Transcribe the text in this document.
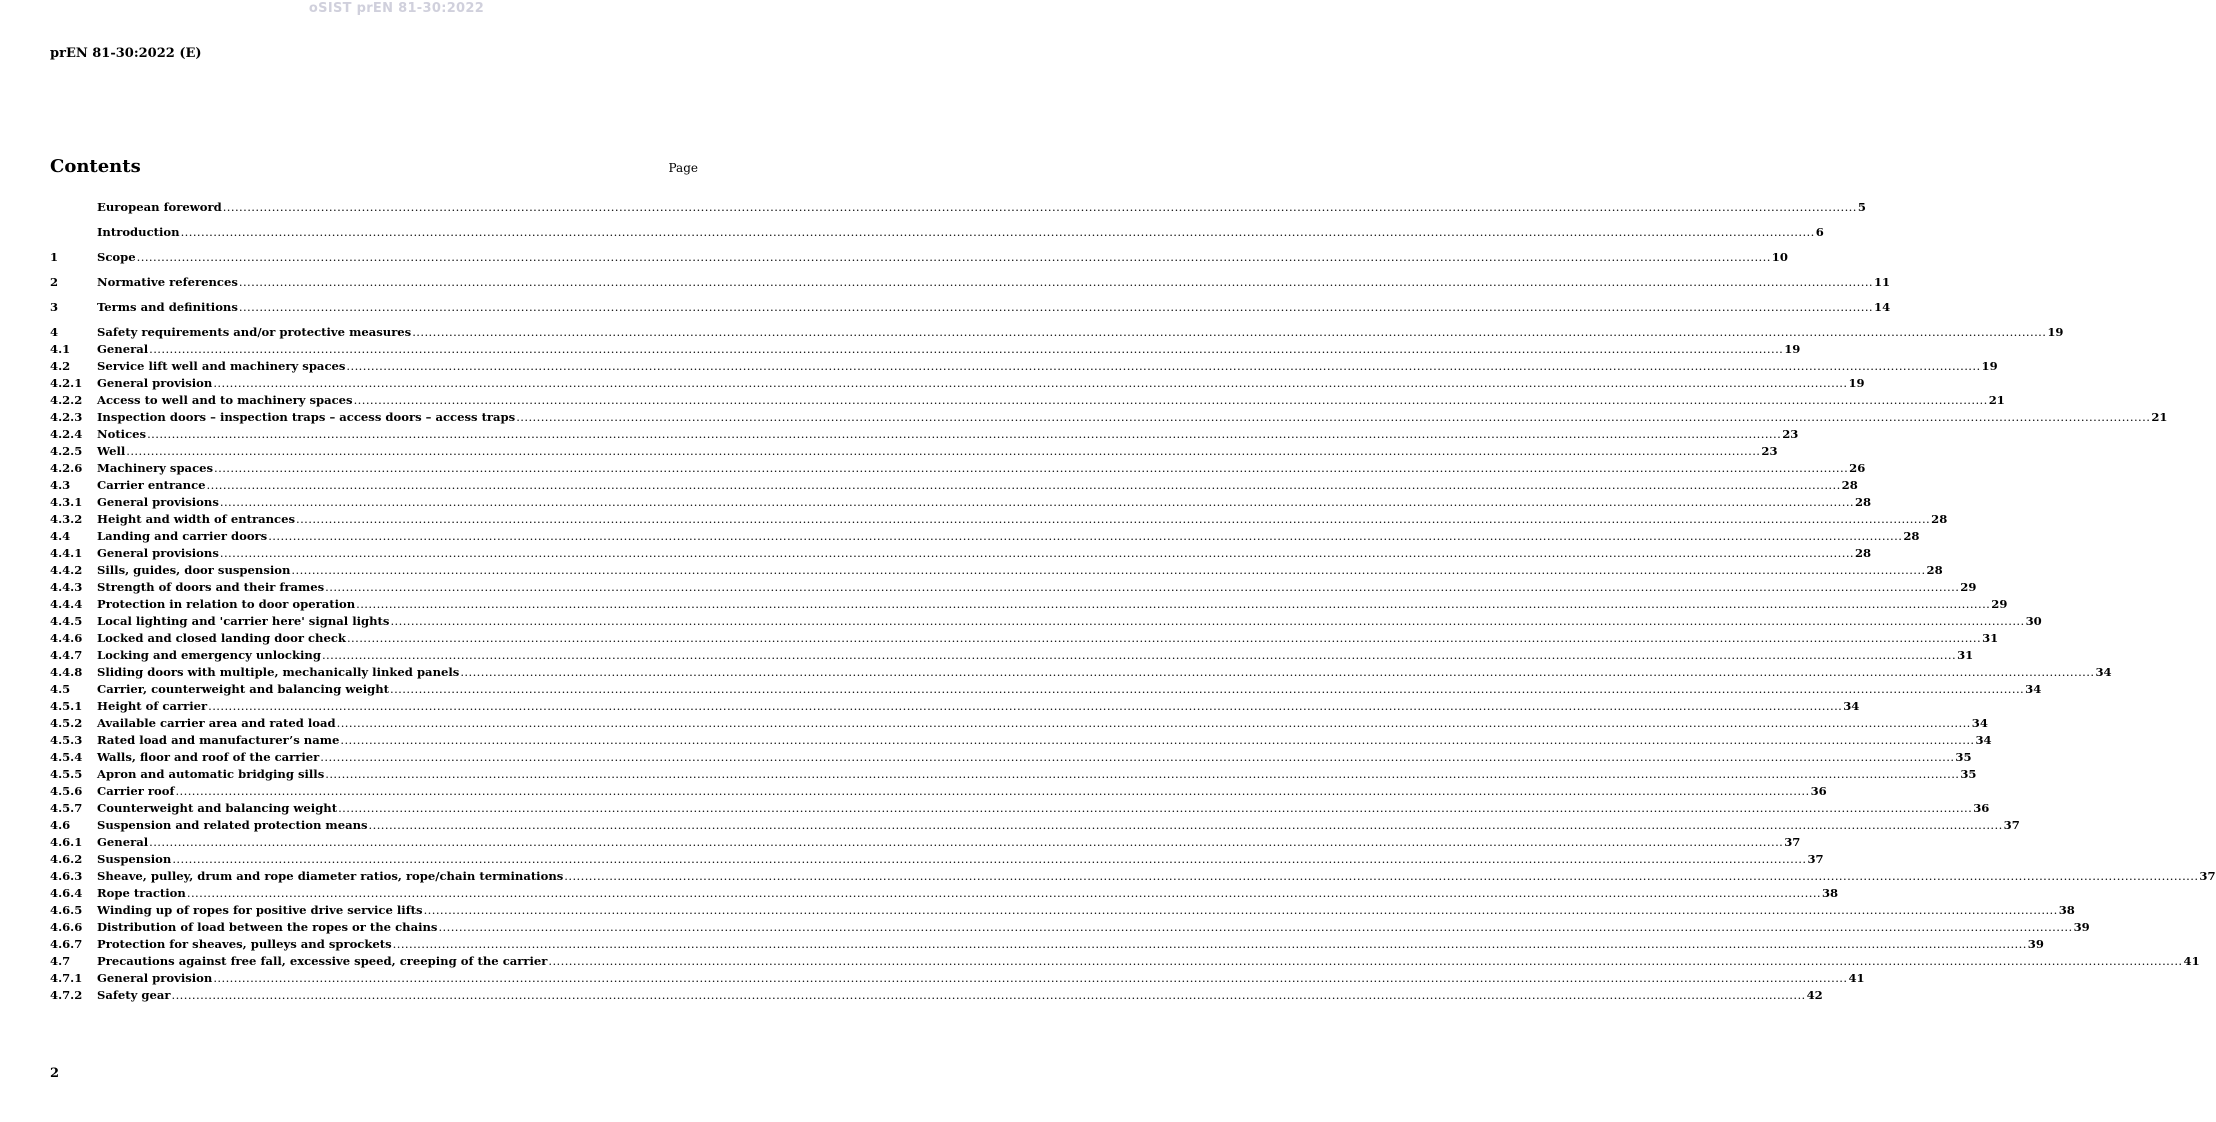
oSIST prEN 81-30:2022
prEN 81-30:2022 (E)
Contents	Page
European foreword ................................................................................................................................................................................................................................................................................................................................................................................................................ 5
Introduction ................................................................................................................................................................................................................................................................................................................................................................................................................ 6
1	Scope ................................................................................................................................................................................................................................................................................................................................................................................................................ 10
2	Normative references ................................................................................................................................................................................................................................................................................................................................................................................................................ 11
3	Terms and definitions ................................................................................................................................................................................................................................................................................................................................................................................................................ 14
4	Safety requirements and/or protective measures ................................................................................................................................................................................................................................................................................................................................................................................................................ 19
4.1	General ................................................................................................................................................................................................................................................................................................................................................................................................................ 19
4.2	Service lift well and machinery spaces ................................................................................................................................................................................................................................................................................................................................................................................................................ 19
4.2.1	General provision ................................................................................................................................................................................................................................................................................................................................................................................................................ 19
4.2.2	Access to well and to machinery spaces ................................................................................................................................................................................................................................................................................................................................................................................................................ 21
4.2.3	Inspection doors – inspection traps – access doors – access traps ................................................................................................................................................................................................................................................................................................................................................................................................................ 21
4.2.4	Notices ................................................................................................................................................................................................................................................................................................................................................................................................................ 23
4.2.5	Well ................................................................................................................................................................................................................................................................................................................................................................................................................ 23
4.2.6	Machinery spaces ................................................................................................................................................................................................................................................................................................................................................................................................................ 26
4.3	Carrier entrance ................................................................................................................................................................................................................................................................................................................................................................................................................ 28
4.3.1	General provisions ................................................................................................................................................................................................................................................................................................................................................................................................................ 28
4.3.2	Height and width of entrances ................................................................................................................................................................................................................................................................................................................................................................................................................ 28
4.4	Landing and carrier doors ................................................................................................................................................................................................................................................................................................................................................................................................................ 28
4.4.1	General provisions ................................................................................................................................................................................................................................................................................................................................................................................................................ 28
4.4.2	Sills, guides, door suspension ................................................................................................................................................................................................................................................................................................................................................................................................................ 28
4.4.3	Strength of doors and their frames ................................................................................................................................................................................................................................................................................................................................................................................................................ 29
4.4.4	Protection in relation to door operation ................................................................................................................................................................................................................................................................................................................................................................................................................ 29
4.4.5	Local lighting and 'carrier here' signal lights ................................................................................................................................................................................................................................................................................................................................................................................................................ 30
4.4.6	Locked and closed landing door check ................................................................................................................................................................................................................................................................................................................................................................................................................ 31
4.4.7	Locking and emergency unlocking ................................................................................................................................................................................................................................................................................................................................................................................................................ 31
4.4.8	Sliding doors with multiple, mechanically linked panels ................................................................................................................................................................................................................................................................................................................................................................................................................ 34
4.5	Carrier, counterweight and balancing weight ................................................................................................................................................................................................................................................................................................................................................................................................................ 34
4.5.1	Height of carrier ................................................................................................................................................................................................................................................................................................................................................................................................................ 34
4.5.2	Available carrier area and rated load ................................................................................................................................................................................................................................................................................................................................................................................................................ 34
4.5.3	Rated load and manufacturer’s name ................................................................................................................................................................................................................................................................................................................................................................................................................ 34
4.5.4	Walls, floor and roof of the carrier ................................................................................................................................................................................................................................................................................................................................................................................................................ 35
4.5.5	Apron and automatic bridging sills ................................................................................................................................................................................................................................................................................................................................................................................................................ 35
4.5.6	Carrier roof ................................................................................................................................................................................................................................................................................................................................................................................................................ 36
4.5.7	Counterweight and balancing weight ................................................................................................................................................................................................................................................................................................................................................................................................................ 36
4.6	Suspension and related protection means ................................................................................................................................................................................................................................................................................................................................................................................................................ 37
4.6.1	General ................................................................................................................................................................................................................................................................................................................................................................................................................ 37
4.6.2	Suspension ................................................................................................................................................................................................................................................................................................................................................................................................................ 37
4.6.3	Sheave, pulley, drum and rope diameter ratios, rope/chain terminations ................................................................................................................................................................................................................................................................................................................................................................................................................ 37
4.6.4	Rope traction ................................................................................................................................................................................................................................................................................................................................................................................................................ 38
4.6.5	Winding up of ropes for positive drive service lifts ................................................................................................................................................................................................................................................................................................................................................................................................................ 38
4.6.6	Distribution of load between the ropes or the chains ................................................................................................................................................................................................................................................................................................................................................................................................................ 39
4.6.7	Protection for sheaves, pulleys and sprockets ................................................................................................................................................................................................................................................................................................................................................................................................................ 39
4.7	Precautions against free fall, excessive speed, creeping of the carrier ................................................................................................................................................................................................................................................................................................................................................................................................................ 41
4.7.1	General provision ................................................................................................................................................................................................................................................................................................................................................................................................................ 41
4.7.2	Safety gear ................................................................................................................................................................................................................................................................................................................................................................................................................ 42
2
